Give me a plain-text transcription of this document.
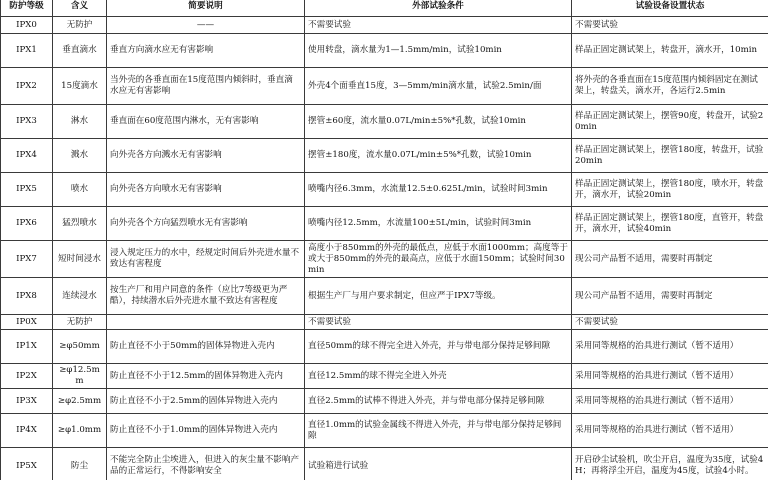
防护等级	含义	简要说明	外部试验条件	试验设备设置状态
IPX0	无防护	——	不需要试验	不需要试验
IPX1	垂直滴水	垂直方向滴水应无有害影响	使用转盘，滴水量为1—1.5mm/min，试验10min	样品正固定测试架上，转盘开，滴水开，10min
IPX2	15度滴水	当外壳的各垂直面在15度范围内倾斜时，垂直滴水应无有害影响	外壳4个面垂直15度，3—5mm/min滴水量，试验2.5min/面	将外壳的各垂直面在15度范围内倾斜固定在测试架上，转盘关，滴水开，各运行2.5min
IPX3	淋水	垂直面在60度范围内淋水，无有害影响	摆管±60度，流水量0.07L/min±5%*孔数，试验10min	样品正固定测试架上，摆管90度，转盘开，试验20min
IPX4	溅水	向外壳各方向溅水无有害影响	摆管±180度，流水量0.07L/min±5%*孔数，试验10min	样品正固定测试架上，摆管180度，转盘开，试验20min
IPX5	喷水	向外壳各方向喷水无有害影响	喷嘴内径6.3mm，水流量12.5±0.625L/min，试验时间3min	样品正固定测试架上，摆管180度，喷水开，转盘开，滴水开，试验20min
IPX6	猛烈喷水	向外壳各个方向猛烈喷水无有害影响	喷嘴内径12.5mm，水流量100±5L/min，试验时间3min	样品正固定测试架上，摆管180度，直管开，转盘开，滴水开，试验40min
IPX7	短时间浸水	浸入规定压力的水中，经规定时间后外壳进水量不致达有害程度	高度小于850mm的外壳的最低点，应低于水面1000mm；高度等于或大于850mm的外壳的最高点，应低于水面150mm；试验时间30min	现公司产品暂不适用，需要时再制定
IPX8	连续浸水	按生产厂和用户同意的条件（应比7等级更为严酷），持续潜水后外壳进水量不致达有害程度	根据生产厂与用户要求制定，但应严于IPX7等级。	现公司产品暂不适用，需要时再制定
IP0X	无防护		不需要试验	不需要试验
IP1X	≥φ50mm	防止直径不小于50mm的固体异物进入壳内	直径50mm的球不得完全进入外壳，并与带电部分保持足够间隙	采用同等规格的治具进行测试（暂不适用）
IP2X	≥φ12.5mm	防止直径不小于12.5mm的固体异物进入壳内	直径12.5mm的球不得完全进入外壳	采用同等规格的治具进行测试（暂不适用）
IP3X	≥φ2.5mm	防止直径不小于2.5mm的固体异物进入壳内	直径2.5mm的试棒不得进入外壳，并与带电部分保持足够间隙	采用同等规格的治具进行测试（暂不适用）
IP4X	≥φ1.0mm	防止直径不小于1.0mm的固体异物进入壳内	直径1.0mm的试验金属线不得进入外壳，并与带电部分保持足够间隙	采用同等规格的治具进行测试（暂不适用）
IP5X	防尘	不能完全防止尘埃进入，但进入的灰尘量不影响产品的正常运行，不得影响安全	试验箱进行试验	开启砂尘试验机，吹尘开启，温度为35度，试验4H；再将浮尘开启，温度为45度，试验4小时。
